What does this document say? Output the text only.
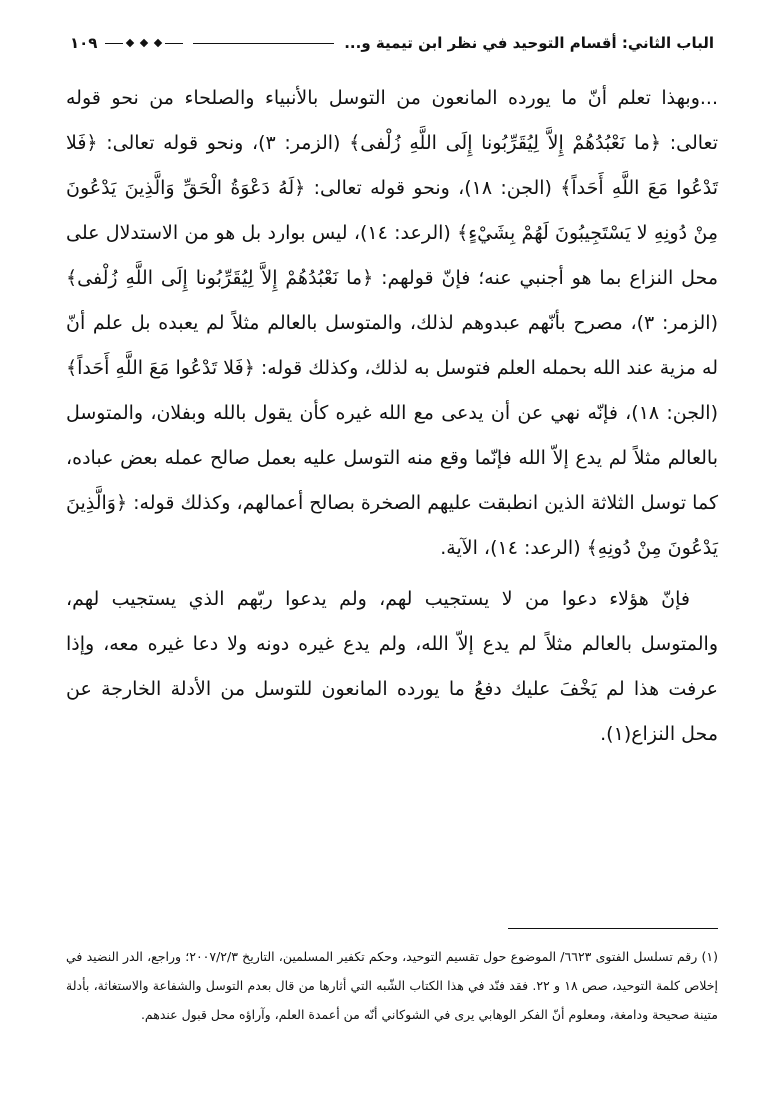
الباب الثاني: أقسام التوحيد في نظر ابن تيمية و...
١٠٩

...وبهذا تعلم أنّ ما يورده المانعون من التوسل بالأنبياء والصلحاء من نحو قوله تعالى: ﴿ما نَعْبُدُهُمْ إِلاَّ لِيُقَرِّبُونا إِلَى اللَّهِ زُلْفى﴾ (الزمر: ٣)، ونحو قوله تعالى: ﴿فَلا تَدْعُوا مَعَ اللَّهِ أَحَداً﴾ (الجن: ١٨)، ونحو قوله تعالى: ﴿لَهُ دَعْوَةُ الْحَقِّ وَالَّذِينَ يَدْعُونَ مِنْ دُونِهِ لا يَسْتَجِيبُونَ لَهُمْ بِشَيْءٍ﴾ (الرعد: ١٤)، ليس بوارد بل هو من الاستدلال على محل النزاع بما هو أجنبي عنه؛ فإنّ قولهم: ﴿ما نَعْبُدُهُمْ إِلاَّ لِيُقَرِّبُونا إِلَى اللَّهِ زُلْفى﴾ (الزمر: ٣)، مصرح بأنّهم عبدوهم لذلك، والمتوسل بالعالم مثلاً لم يعبده بل علم أنّ له مزية عند الله بحمله العلم فتوسل به لذلك، وكذلك قوله: ﴿فَلا تَدْعُوا مَعَ اللَّهِ أَحَداً﴾ (الجن: ١٨)، فإنّه نهي عن أن يدعى مع الله غيره كأن يقول بالله وبفلان، والمتوسل بالعالم مثلاً لم يدع إلاّ الله فإنّما وقع منه التوسل عليه بعمل صالح عمله بعض عباده، كما توسل الثلاثة الذين انطبقت عليهم الصخرة بصالح أعمالهم، وكذلك قوله: ﴿وَالَّذِينَ يَدْعُونَ مِنْ دُونِهِ﴾ (الرعد: ١٤)، الآية.

فإنّ هؤلاء دعوا من لا يستجيب لهم، ولم يدعوا ربّهم الذي يستجيب لهم، والمتوسل بالعالم مثلاً لم يدع إلاّ الله، ولم يدع غيره دونه ولا دعا غيره معه، وإذا عرفت هذا لم يَخْفَ عليك دفعُ ما يورده المانعون للتوسل من الأدلة الخارجة عن محل النزاع(١).

(١) رقم تسلسل الفتوى ٦٦٢٣/ الموضوع حول تقسيم التوحيد، وحكم تكفير المسلمين، التاريخ ٢٠٠٧/٢/٣؛ وراجع، الدر النضيد في إخلاص كلمة التوحيد، صص ١٨ و ٢٢. فقد فنّد في هذا الكتاب الشّبه التي أثارها من قال بعدم التوسل والشفاعة والاستغاثة، بأدلة متينة صحيحة ودامغة، ومعلوم أنّ الفكر الوهابي يرى في الشوكاني أنّه من أعمدة العلم، وآراؤه محل قبول عندهم.
